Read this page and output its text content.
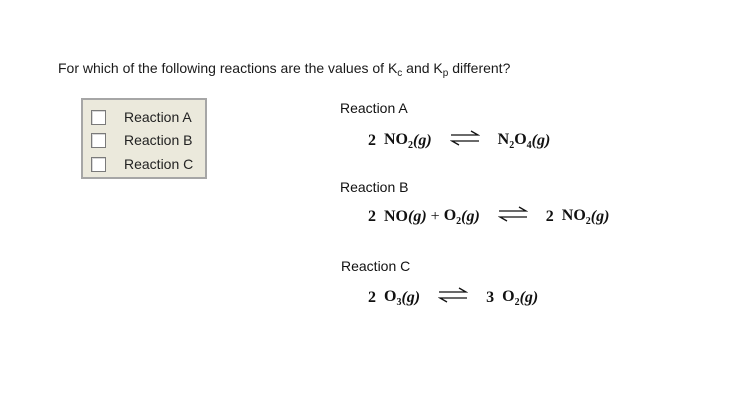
For which of the following reactions are the values of $K_c$ and $K_p$ different?
Reaction A
Reaction B
Reaction C
Reaction A
2 $NO_2$ (g) ⇌ $N_2O_4$ (g)
Reaction B
2 NO $(g) + O_2$ (g) ⇌ 2 $NO_2$ (g)
Reaction C
2 $O_3$ (g) ⇌ 3 $O_2$ (g)
